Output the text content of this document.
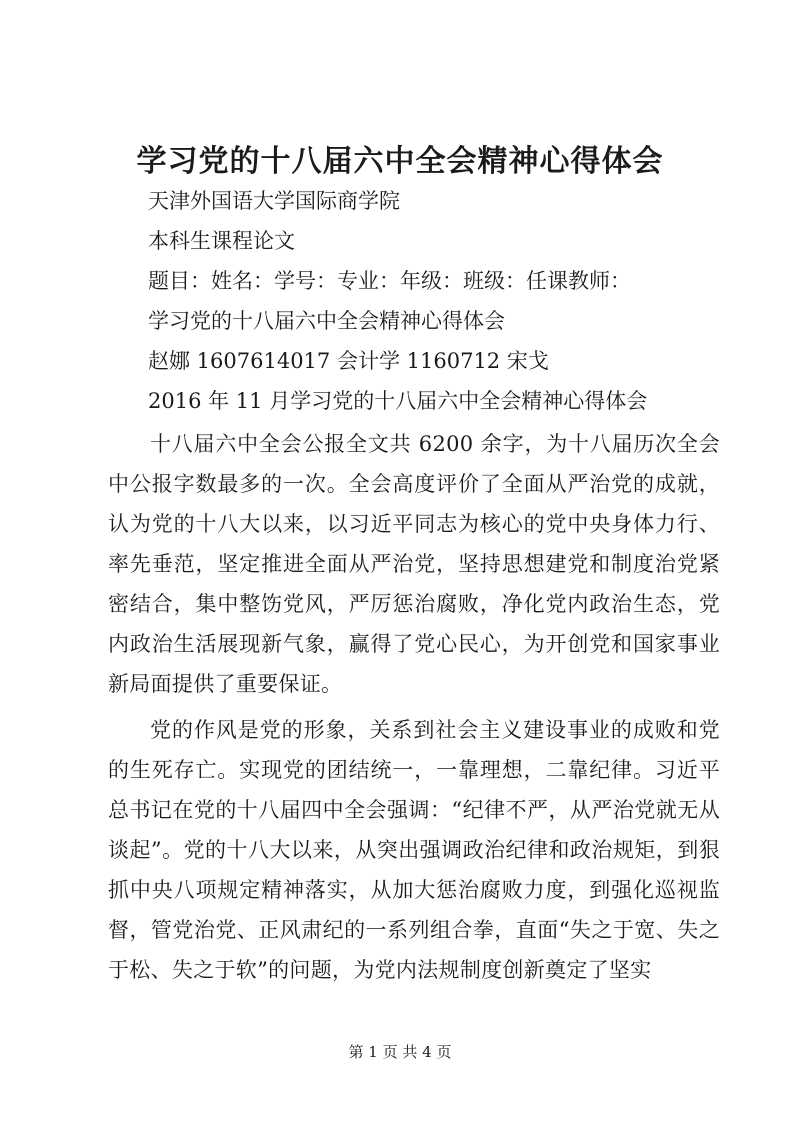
学习党的十八届六中全会精神心得体会
天津外国语大学国际商学院
本科生课程论文
题目：姓名：学号：专业：年级：班级：任课教师：
学习党的十八届六中全会精神心得体会
赵娜 1607614017 会计学 1160712 宋戈
2016 年 11 月学习党的十八届六中全会精神心得体会

十八届六中全会公报全文共 6200 余字，为十八届历次全会中公报字数最多的一次。全会高度评价了全面从严治党的成就，认为党的十八大以来，以习近平同志为核心的党中央身体力行、率先垂范，坚定推进全面从严治党，坚持思想建党和制度治党紧密结合，集中整饬党风，严厉惩治腐败，净化党内政治生态，党内政治生活展现新气象，赢得了党心民心，为开创党和国家事业新局面提供了重要保证。

党的作风是党的形象，关系到社会主义建设事业的成败和党的生死存亡。实现党的团结统一，一靠理想，二靠纪律。习近平总书记在党的十八届四中全会强调：“纪律不严，从严治党就无从谈起”。党的十八大以来，从突出强调政治纪律和政治规矩，到狠抓中央八项规定精神落实，从加大惩治腐败力度，到强化巡视监督，管党治党、正风肃纪的一系列组合拳，直面“失之于宽、失之于松、失之于软”的问题，为党内法规制度创新奠定了坚实

第 1 页 共 4 页
